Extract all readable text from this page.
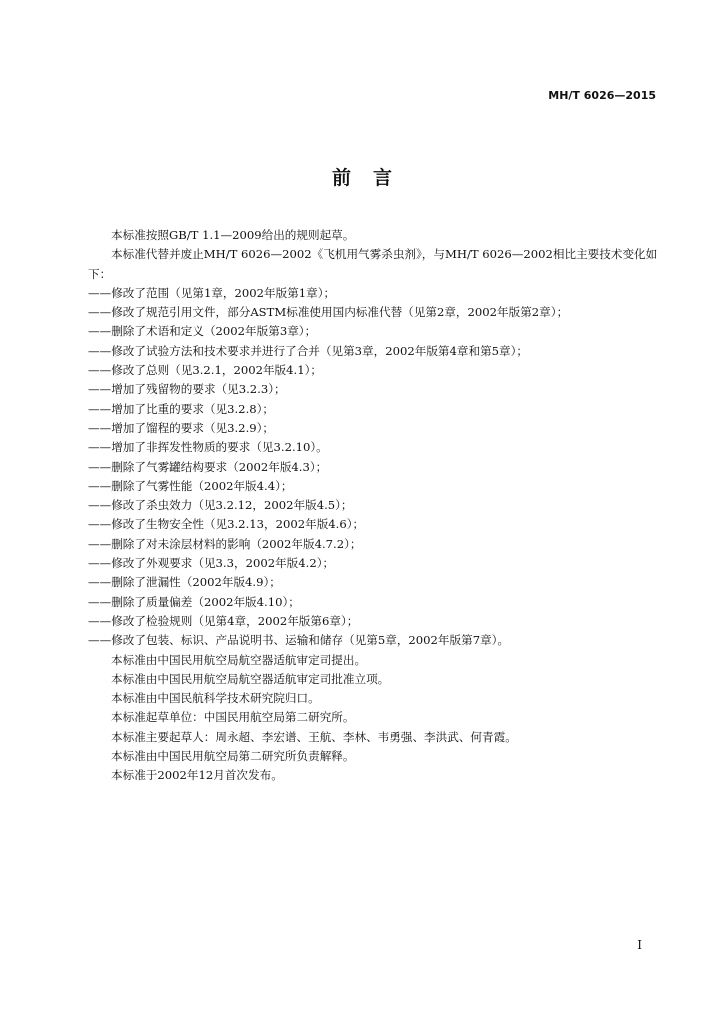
MH/T 6026—2015
前言

本标准按照GB/T 1.1—2009给出的规则起草。

本标准代替并废止MH/T 6026—2002《飞机用气雾杀虫剂》，与MH/T 6026—2002相比主要技术变化如下：

——修改了范围（见第1章，2002年版第1章）；

——修改了规范引用文件，部分ASTM标准使用国内标准代替（见第2章，2002年版第2章）；

——删除了术语和定义（2002年版第3章）；

——修改了试验方法和技术要求并进行了合并（见第3章，2002年版第4章和第5章）；

——修改了总则（见3.2.1，2002年版4.1）；

——增加了残留物的要求（见3.2.3）；

——增加了比重的要求（见3.2.8）；

——增加了馏程的要求（见3.2.9）；

——增加了非挥发性物质的要求（见3.2.10）。

——删除了气雾罐结构要求（2002年版4.3）；

——删除了气雾性能（2002年版4.4）；

——修改了杀虫效力（见3.2.12，2002年版4.5）；

——修改了生物安全性（见3.2.13，2002年版4.6）；

——删除了对未涂层材料的影响（2002年版4.7.2）；

——修改了外观要求（见3.3，2002年版4.2）；

——删除了泄漏性（2002年版4.9）；

——删除了质量偏差（2002年版4.10）；

——修改了检验规则（见第4章，2002年版第6章）；

——修改了包装、标识、产品说明书、运输和储存（见第5章，2002年版第7章）。

本标准由中国民用航空局航空器适航审定司提出。

本标准由中国民用航空局航空器适航审定司批准立项。

本标准由中国民航科学技术研究院归口。

本标准起草单位：中国民用航空局第二研究所。

本标准主要起草人：周永超、李宏谱、王航、李林、韦勇强、李洪武、何青霞。

本标准由中国民用航空局第二研究所负责解释。

本标准于2002年12月首次发布。

I
